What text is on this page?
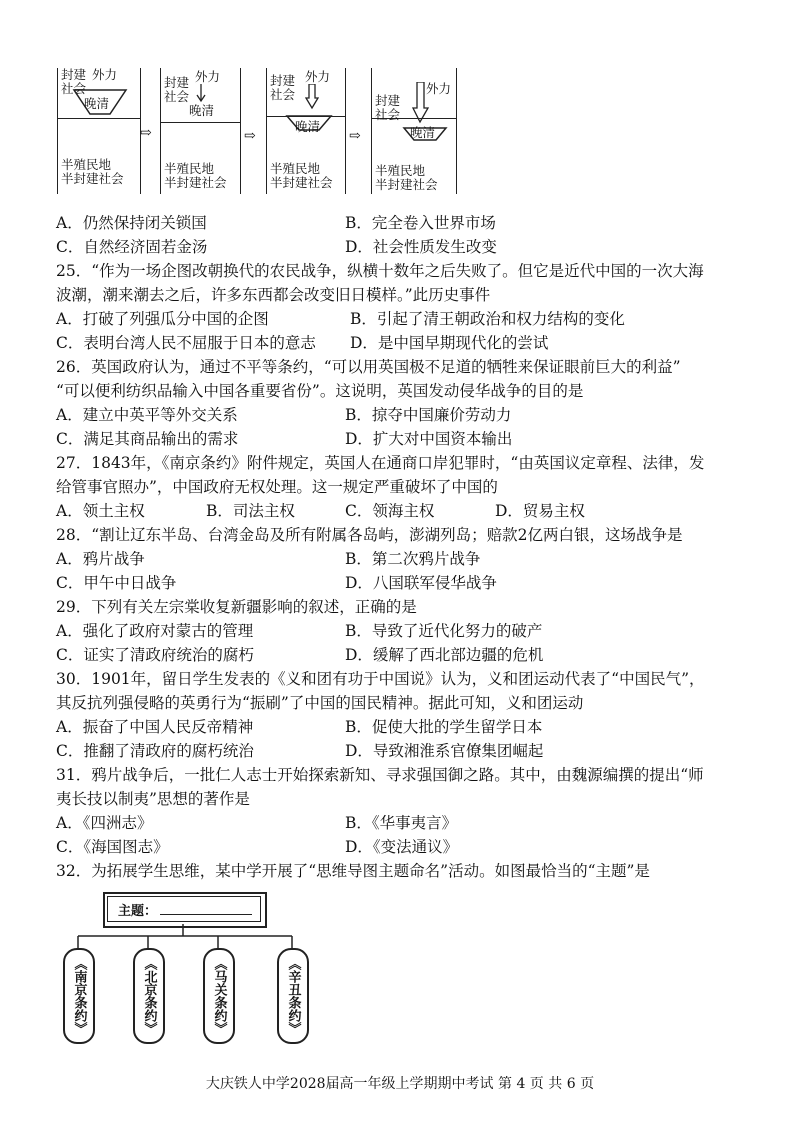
封建
社会
外力
晚清
半殖民地
半封建社会
⇨
封建
社会
外力
晚清
半殖民地
半封建社会
⇨
封建
社会
外力
晚清
半殖民地
半封建社会
⇨
封建
社会
外力
晚清
半殖民地
半封建社会
A．仍然保持闭关锁国	B．完全卷入世界市场
C．自然经济固若金汤	D．社会性质发生改变
25．“作为一场企图改朝换代的农民战争，纵横十数年之后失败了。但它是近代中国的一次大海
波潮，潮来潮去之后，许多东西都会改变旧日模样。”此历史事件
A．打破了列强瓜分中国的企图	B．引起了清王朝政治和权力结构的变化
C．表明台湾人民不屈服于日本的意志 D．是中国早期现代化的尝试
26．英国政府认为，通过不平等条约，“可以用英国极不足道的牺牲来保证眼前巨大的利益”
“可以便利纺织品输入中国各重要省份”。这说明，英国发动侵华战争的目的是
A．建立中英平等外交关系	B．掠夺中国廉价劳动力
C．满足其商品输出的需求	D．扩大对中国资本输出
27．1843年，《南京条约》附件规定，英国人在通商口岸犯罪时，“由英国议定章程、法律，发
给管事官照办”，中国政府无权处理。这一规定严重破坏了中国的
A．领土主权	B．司法主权	C．领海主权	D．贸易主权
28．“割让辽东半岛、台湾金岛及所有附属各岛屿，澎湖列岛；赔款2亿两白银，这场战争是
A．鸦片战争	B．第二次鸦片战争
C．甲午中日战争	D．八国联军侵华战争
29．下列有关左宗棠收复新疆影响的叙述，正确的是
A．强化了政府对蒙古的管理	B．导致了近代化努力的破产
C．证实了清政府统治的腐朽	D．缓解了西北部边疆的危机
30．1901年，留日学生发表的《义和团有功于中国说》认为，义和团运动代表了“中国民气”，
其反抗列强侵略的英勇行为“振刷”了中国的国民精神。据此可知，义和团运动
A．振奋了中国人民反帝精神	B．促使大批的学生留学日本
C．推翻了清政府的腐朽统治	D．导致湘淮系官僚集团崛起
31．鸦片战争后，一批仁人志士开始探索新知、寻求强国御之路。其中，由魏源编撰的提出“师
夷长技以制夷”思想的著作是
A．《四洲志》	B．《华事夷言》
C．《海国图志》	D．《变法通议》
32．为拓展学生思维，某中学开展了“思维导图主题命名”活动。如图最恰当的“主题”是
主题：
《南京条约》	《北京条约》	《马关条约》	《辛丑条约》
大庆铁人中学2028届高一年级上学期期中考试 第 4 页 共 6 页
